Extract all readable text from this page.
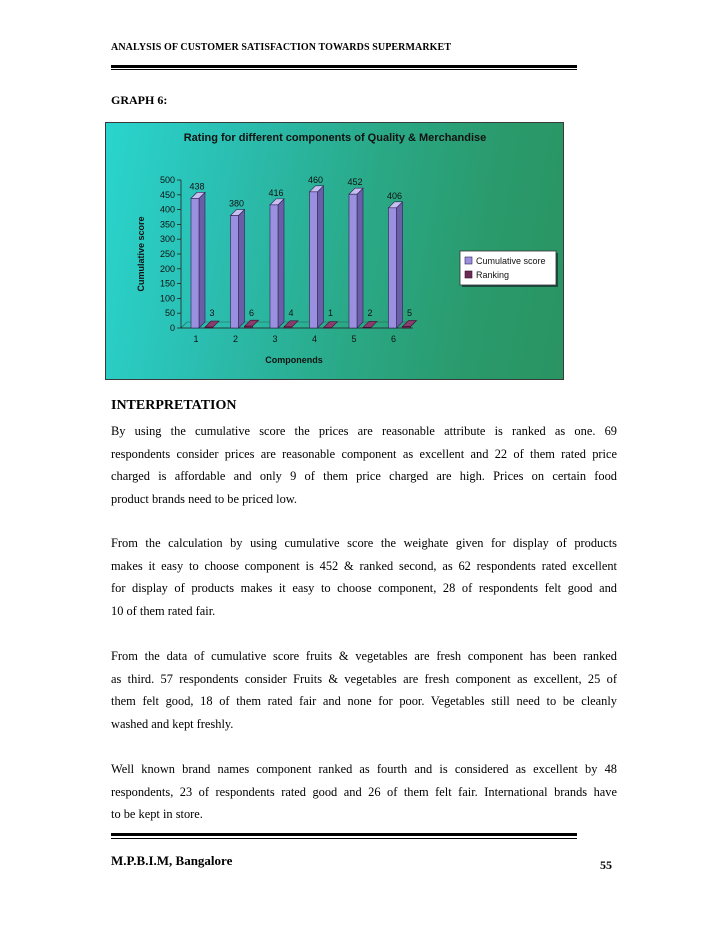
ANALYSIS OF CUSTOMER SATISFACTION TOWARDS SUPERMARKET
GRAPH 6:
Rating for different components of Quality & Merchandise
0
50
100
150
200
250
300
350
400
450
500
Cumulative score
Componends
438
3
1
380
6
2
416
4
3
460
1
4
452
2
5
406
5
6
Cumulative score
Ranking
INTERPRETATION
By using the cumulative score the prices are reasonable attribute is ranked as one. 69
respondents consider prices are reasonable component as excellent and 22 of them rated price
charged is affordable and only 9 of them price charged are high. Prices on certain food
product brands need to be priced low.
From the calculation by using cumulative score the weighate given for display of products
makes it easy to choose component is 452 & ranked second, as 62 respondents rated excellent
for display of products makes it easy to choose component, 28 of respondents felt good and
10 of them rated fair.
From the data of cumulative score fruits & vegetables are fresh component has been ranked
as third. 57 respondents consider Fruits & vegetables are fresh component as excellent, 25 of
them felt good, 18 of them rated fair and none for poor. Vegetables still need to be cleanly
washed and kept freshly.
Well known brand names component ranked as fourth and is considered as excellent by 48
respondents, 23 of respondents rated good and 26 of them felt fair. International brands have
to be kept in store.
M.P.B.I.M, Bangalore	55
